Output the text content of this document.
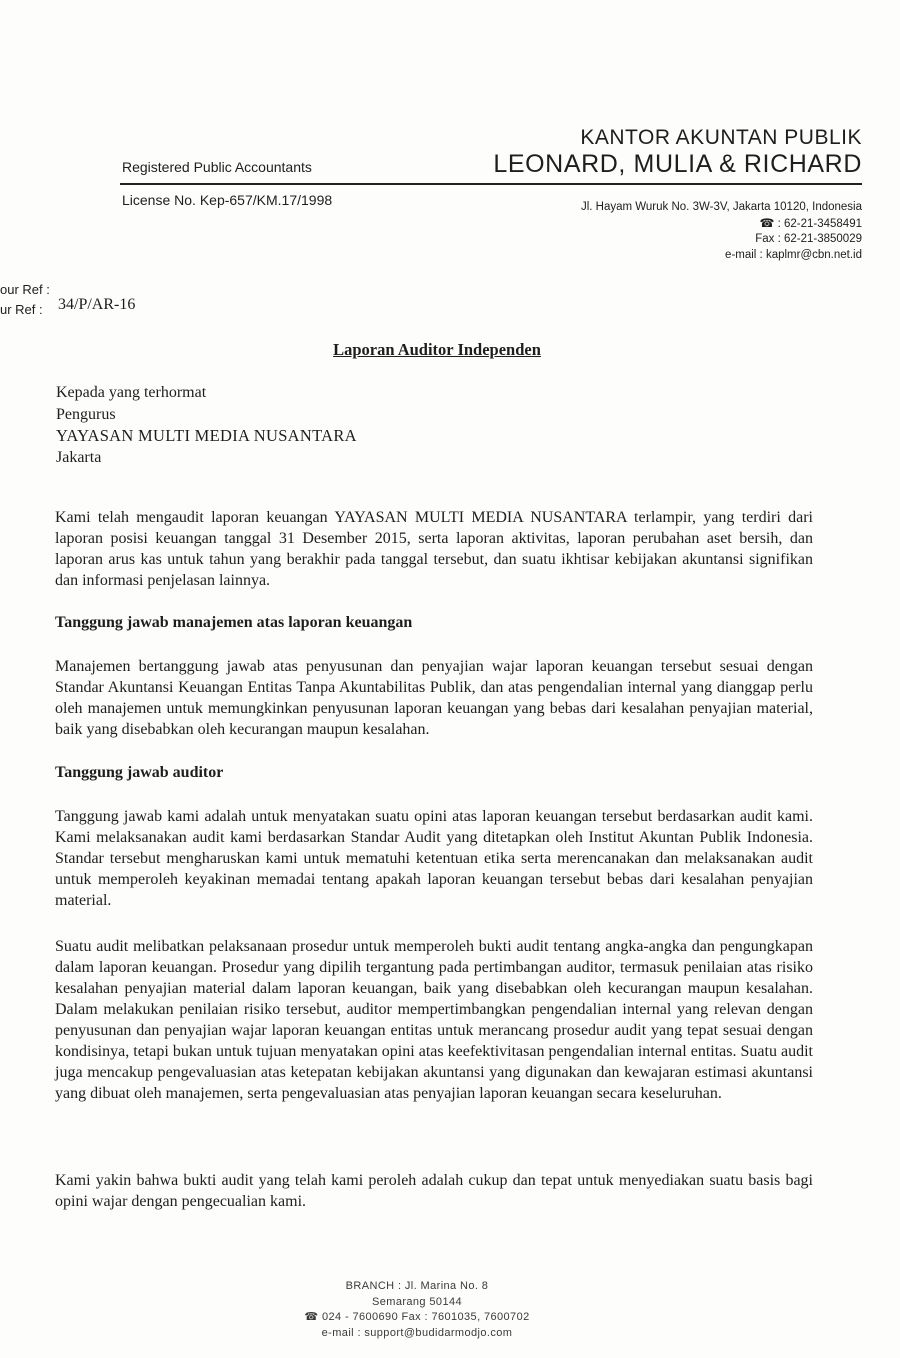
KANTOR AKUNTAN PUBLIK
LEONARD, MULIA & RICHARD
Registered Public Accountants
License No. Kep-657/KM.17/1998	Jl. Hayam Wuruk No. 3W-3V, Jakarta 10120, Indonesia
☎ : 62-21-3458491
Fax : 62-21-3850029
e-mail : kaplmr@cbn.net.id
our Ref :
ur Ref : 34/P/AR-16
Laporan Auditor Independen
Kepada yang terhormat
Pengurus
YAYASAN MULTI MEDIA NUSANTARA
Jakarta

Kami telah mengaudit laporan keuangan YAYASAN MULTI MEDIA NUSANTARA terlampir, yang terdiri dari laporan posisi keuangan tanggal 31 Desember 2015, serta laporan aktivitas, laporan perubahan aset bersih, dan laporan arus kas untuk tahun yang berakhir pada tanggal tersebut, dan suatu ikhtisar kebijakan akuntansi signifikan dan informasi penjelasan lainnya.

Tanggung jawab manajemen atas laporan keuangan

Manajemen bertanggung jawab atas penyusunan dan penyajian wajar laporan keuangan tersebut sesuai dengan Standar Akuntansi Keuangan Entitas Tanpa Akuntabilitas Publik, dan atas pengendalian internal yang dianggap perlu oleh manajemen untuk memungkinkan penyusunan laporan keuangan yang bebas dari kesalahan penyajian material, baik yang disebabkan oleh kecurangan maupun kesalahan.

Tanggung jawab auditor

Tanggung jawab kami adalah untuk menyatakan suatu opini atas laporan keuangan tersebut berdasarkan audit kami. Kami melaksanakan audit kami berdasarkan Standar Audit yang ditetapkan oleh Institut Akuntan Publik Indonesia. Standar tersebut mengharuskan kami untuk mematuhi ketentuan etika serta merencanakan dan melaksanakan audit untuk memperoleh keyakinan memadai tentang apakah laporan keuangan tersebut bebas dari kesalahan penyajian material.

Suatu audit melibatkan pelaksanaan prosedur untuk memperoleh bukti audit tentang angka-angka dan pengungkapan dalam laporan keuangan. Prosedur yang dipilih tergantung pada pertimbangan auditor, termasuk penilaian atas risiko kesalahan penyajian material dalam laporan keuangan, baik yang disebabkan oleh kecurangan maupun kesalahan. Dalam melakukan penilaian risiko tersebut, auditor mempertimbangkan pengendalian internal yang relevan dengan penyusunan dan penyajian wajar laporan keuangan entitas untuk merancang prosedur audit yang tepat sesuai dengan kondisinya, tetapi bukan untuk tujuan menyatakan opini atas keefektivitasan pengendalian internal entitas. Suatu audit juga mencakup pengevaluasian atas ketepatan kebijakan akuntansi yang digunakan dan kewajaran estimasi akuntansi yang dibuat oleh manajemen, serta pengevaluasian atas penyajian laporan keuangan secara keseluruhan.

Kami yakin bahwa bukti audit yang telah kami peroleh adalah cukup dan tepat untuk menyediakan suatu basis bagi opini wajar dengan pengecualian kami.

BRANCH : Jl. Marina No. 8
Semarang 50144
☎ 024 - 7600690 Fax : 7601035, 7600702
e-mail : support@budidarmodjo.com
